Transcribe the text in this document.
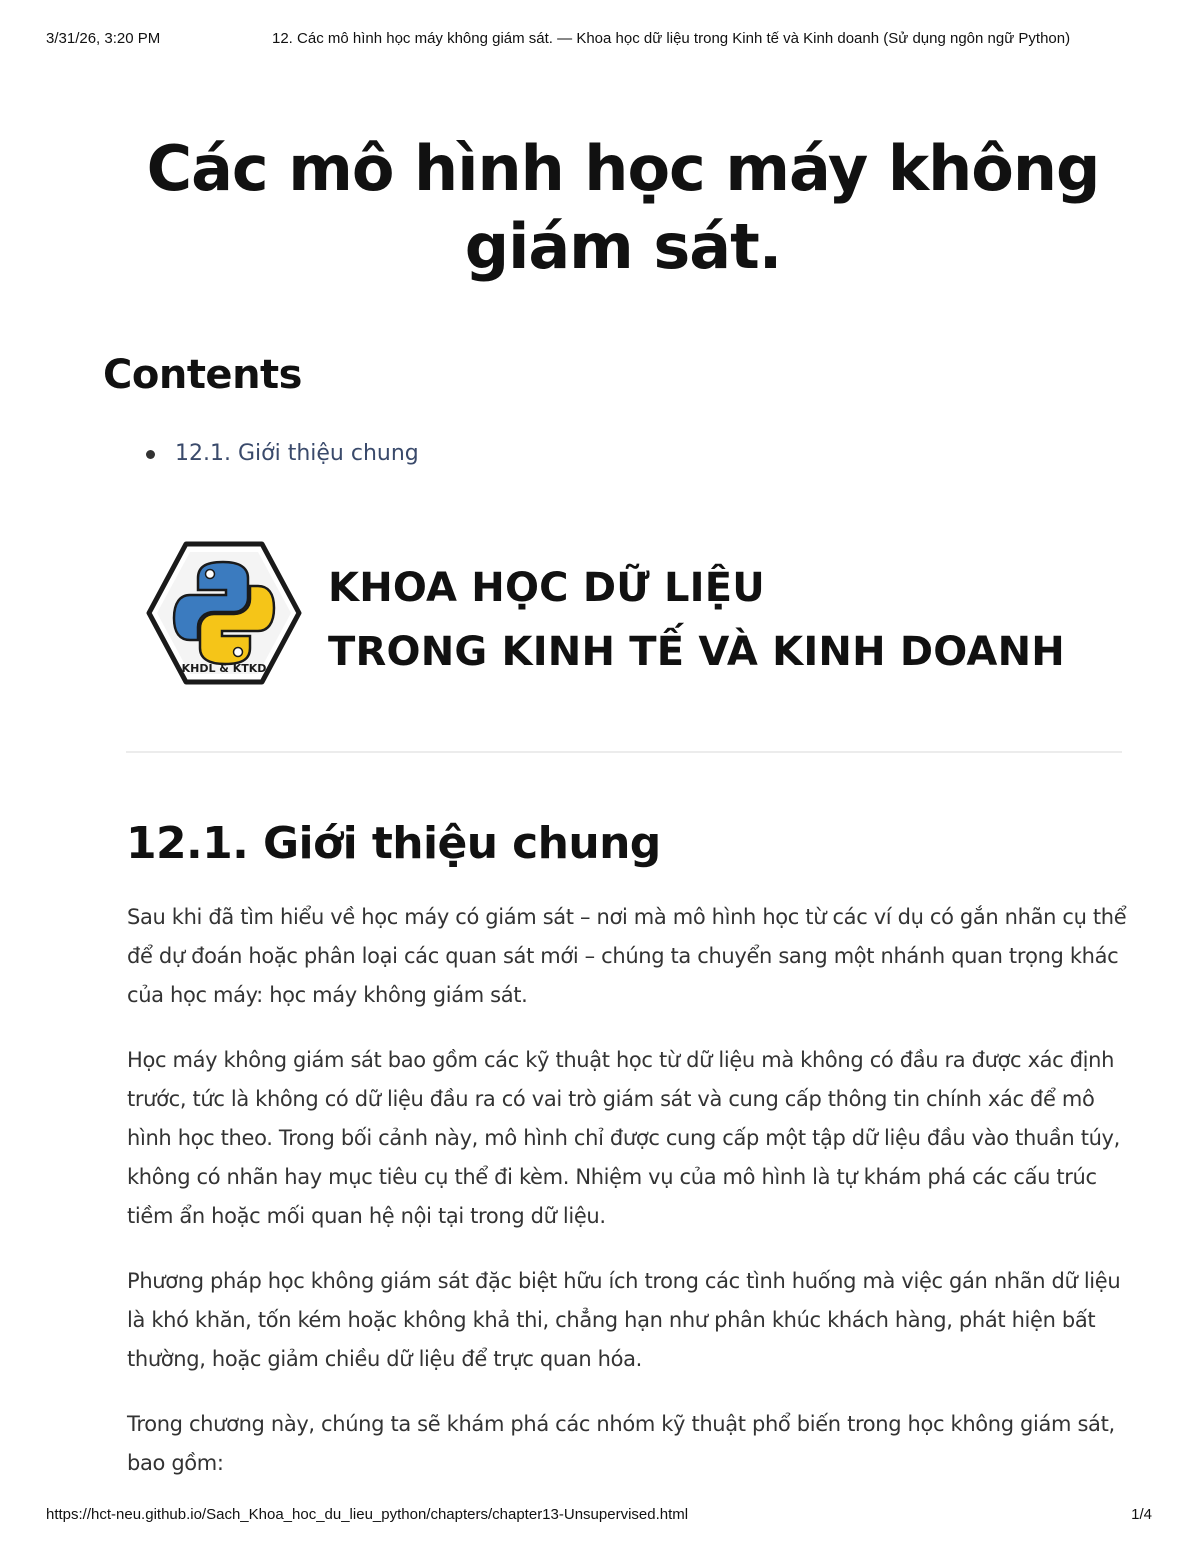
3/31/26, 3:20 PM	12. Các mô hình học máy không giám sát. — Khoa học dữ liệu trong Kinh tế và Kinh doanh (Sử dụng ngôn ngữ Python)
Các mô hình học máy không giám sát.
Contents
12.1. Giới thiệu chung
KHDL & KTKD
KHOA HỌC DỮ LIỆU
TRONG KINH TẾ VÀ KINH DOANH
12.1. Giới thiệu chung

Sau khi đã tìm hiểu về học máy có giám sát – nơi mà mô hình học từ các ví dụ có gắn nhãn cụ thể để dự đoán hoặc phân loại các quan sát mới – chúng ta chuyển sang một nhánh quan trọng khác của học máy: học máy không giám sát.

Học máy không giám sát bao gồm các kỹ thuật học từ dữ liệu mà không có đầu ra được xác định trước, tức là không có dữ liệu đầu ra có vai trò giám sát và cung cấp thông tin chính xác để mô hình học theo. Trong bối cảnh này, mô hình chỉ được cung cấp một tập dữ liệu đầu vào thuần túy, không có nhãn hay mục tiêu cụ thể đi kèm. Nhiệm vụ của mô hình là tự khám phá các cấu trúc tiềm ẩn hoặc mối quan hệ nội tại trong dữ liệu.

Phương pháp học không giám sát đặc biệt hữu ích trong các tình huống mà việc gán nhãn dữ liệu là khó khăn, tốn kém hoặc không khả thi, chẳng hạn như phân khúc khách hàng, phát hiện bất thường, hoặc giảm chiều dữ liệu để trực quan hóa.

Trong chương này, chúng ta sẽ khám phá các nhóm kỹ thuật phổ biến trong học không giám sát, bao gồm:

https://hct-neu.github.io/Sach_Khoa_hoc_du_lieu_python/chapters/chapter13-Unsupervised.html	1/4
